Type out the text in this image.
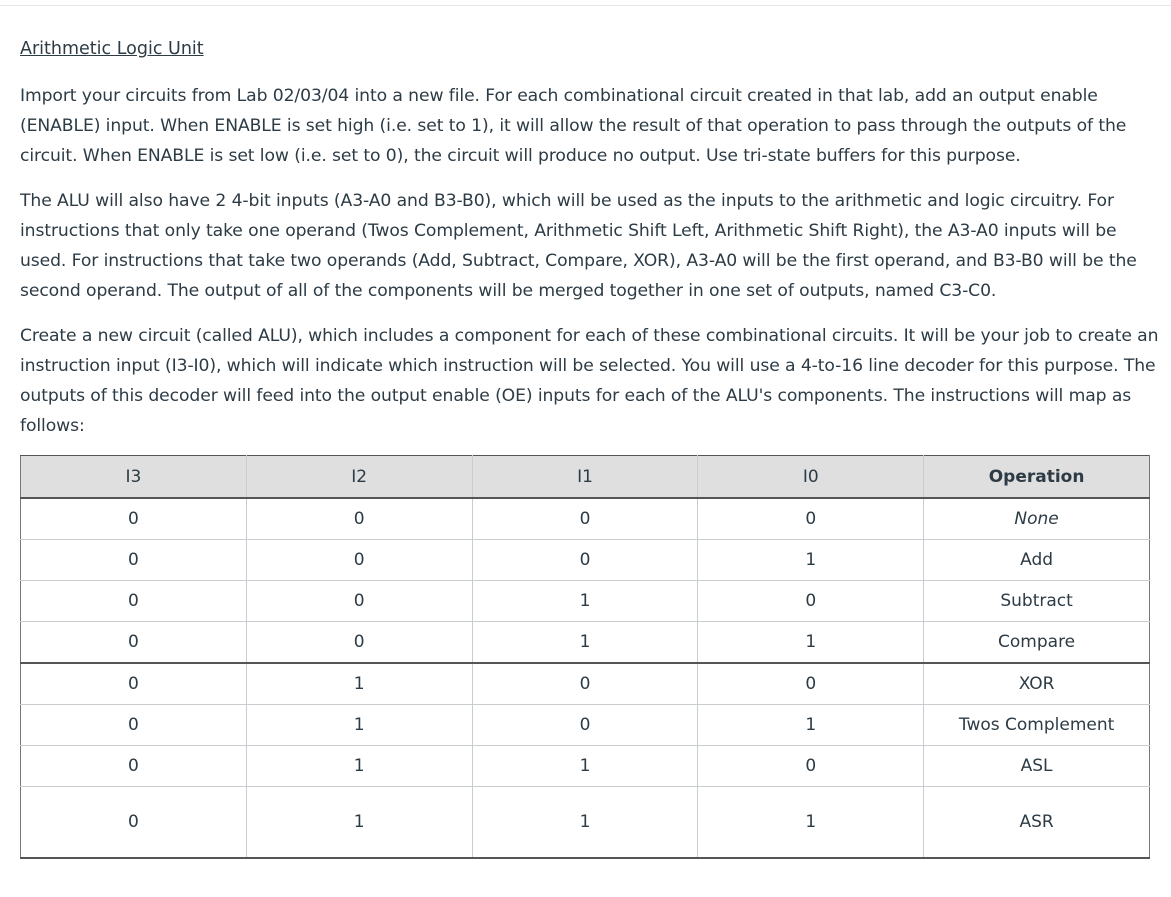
Arithmetic Logic Unit

Import your circuits from Lab 02/03/04 into a new file. For each combinational circuit created in that lab, add an output enable (ENABLE) input. When ENABLE is set high (i.e. set to 1), it will allow the result of that operation to pass through the outputs of the circuit. When ENABLE is set low (i.e. set to 0), the circuit will produce no output. Use tri-state buffers for this purpose.

The ALU will also have 2 4-bit inputs (A3-A0 and B3-B0), which will be used as the inputs to the arithmetic and logic circuitry. For instructions that only take one operand (Twos Complement, Arithmetic Shift Left, Arithmetic Shift Right), the A3-A0 inputs will be used. For instructions that take two operands (Add, Subtract, Compare, XOR), A3-A0 will be the first operand, and B3-B0 will be the second operand. The output of all of the components will be merged together in one set of outputs, named C3-C0.

Create a new circuit (called ALU), which includes a component for each of these combinational circuits. It will be your job to create an instruction input (I3-I0), which will indicate which instruction will be selected. You will use a 4-to-16 line decoder for this purpose. The outputs of this decoder will feed into the output enable (OE) inputs for each of the ALU's components. The instructions will map as follows:

I3	I2	I1	I0	Operation
0	0	0	0	None
0	0	0	1	Add
0	0	1	0	Subtract
0	0	1	1	Compare
0	1	0	0	XOR
0	1	0	1	Twos Complement
0	1	1	0	ASL
0	1	1	1	ASR
